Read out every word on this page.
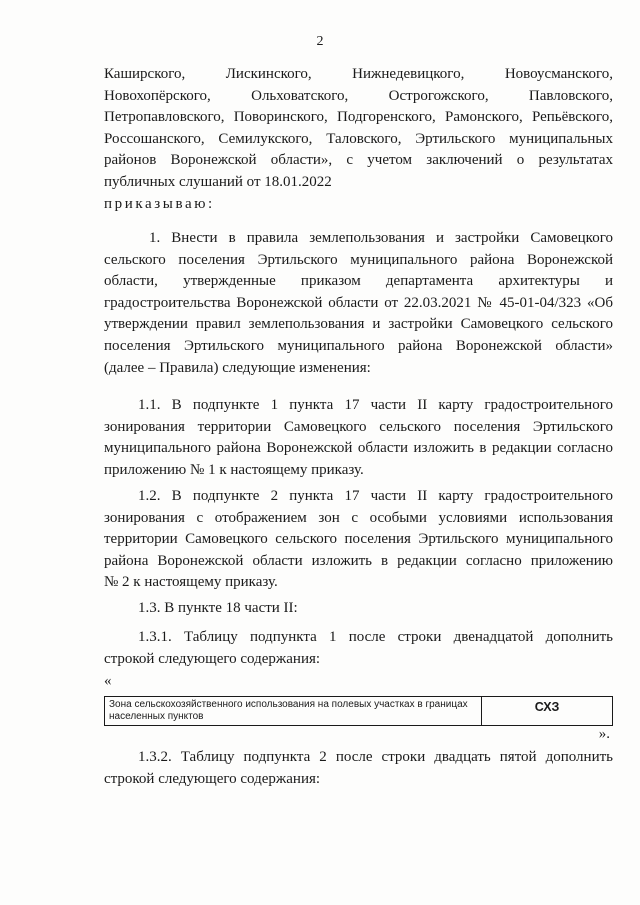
2
Каширского, Лискинского, Нижнедевицкого, Новоусманского,
Новохопёрского, Ольховатского, Острогожского, Павловского,
Петропавловского, Поворинского, Подгоренского, Рамонского, Репьёвского,
Россошанского, Семилукского, Таловского, Эртильского муниципальных
районов Воронежской области», с учетом заключений о результатах
публичных слушаний от 18.01.2022
приказываю:
1. Внести в правила землепользования и застройки Самовецкого
сельского поселения Эртильского муниципального района Воронежской
области, утвержденные приказом департамента архитектуры и
градостроительства Воронежской области от 22.03.2021 № 45-01-04/323 «Об
утверждении правил землепользования и застройки Самовецкого сельского
поселения Эртильского муниципального района Воронежской области»
(далее – Правила) следующие изменения:
1.1. В подпункте 1 пункта 17 части II карту градостроительного
зонирования территории Самовецкого сельского поселения Эртильского
муниципального района Воронежской области изложить в редакции согласно
приложению № 1 к настоящему приказу.
1.2. В подпункте 2 пункта 17 части II карту градостроительного
зонирования с отображением зон с особыми условиями использования
территории Самовецкого сельского поселения Эртильского муниципального
района Воронежской области изложить в редакции согласно приложению
№ 2 к настоящему приказу.
1.3. В пункте 18 части II:
1.3.1. Таблицу подпункта 1 после строки двенадцатой дополнить
строкой следующего содержания:
«
Зона сельскохозяйственного использования на полевых участках в границах населенных пунктов	СХЗ
».
1.3.2. Таблицу подпункта 2 после строки двадцать пятой дополнить
строкой следующего содержания:
